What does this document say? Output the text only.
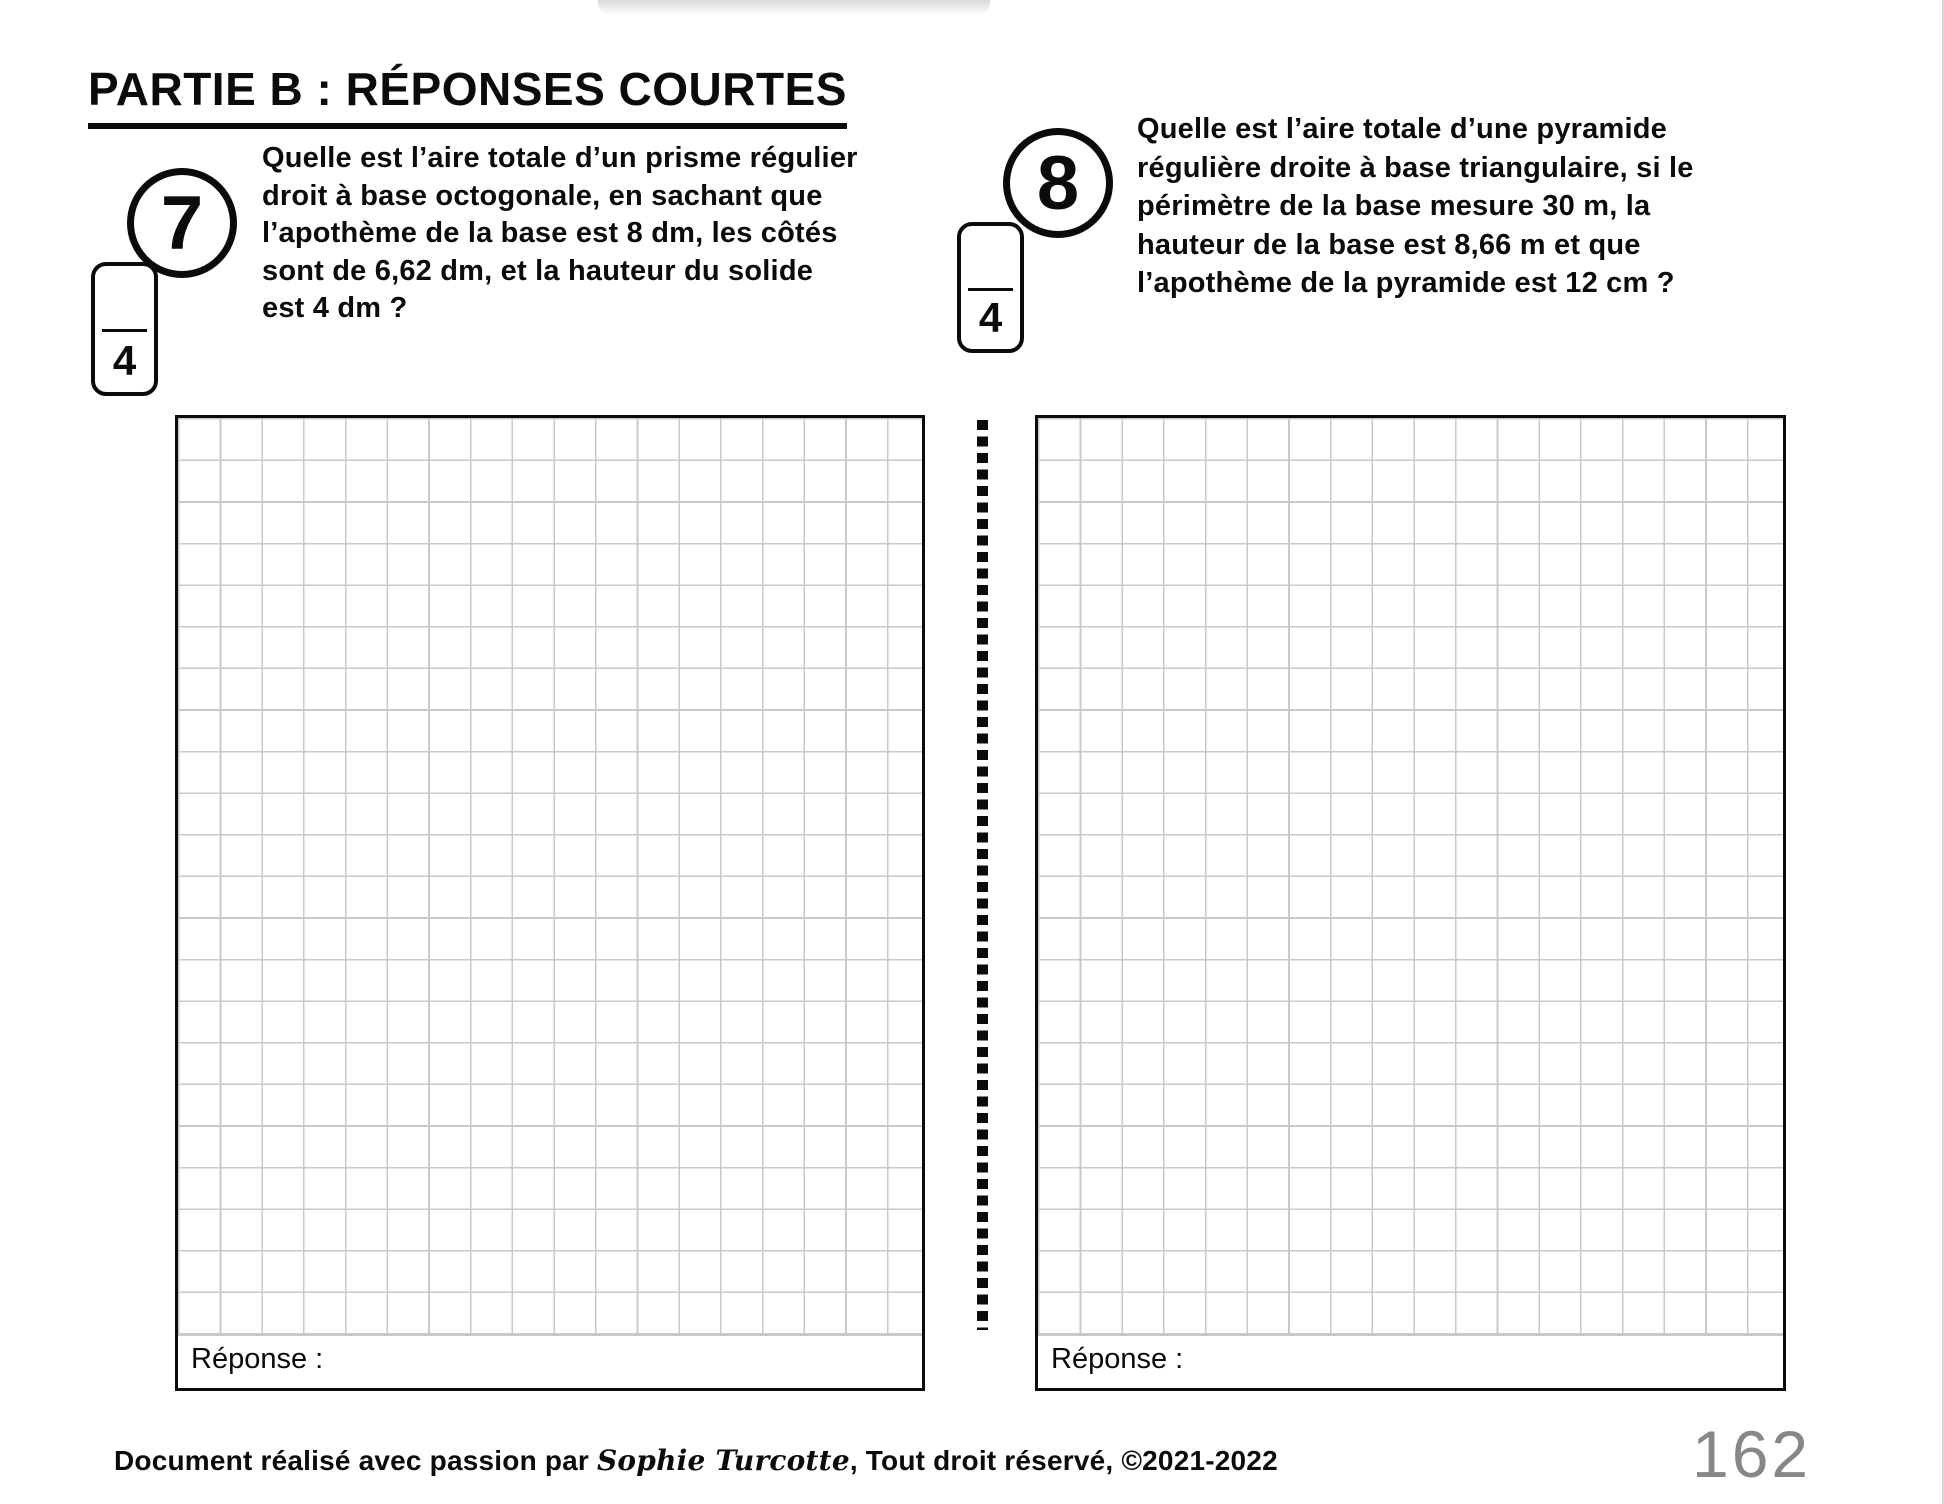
PARTIE B : RÉPONSES COURTES
7
4
Quelle est l’aire totale d’un prisme régulier
droit à base octogonale, en sachant que
l’apothème de la base est 8 dm, les côtés
sont de 6,62 dm, et la hauteur du solide
est 4 dm ?
8
4
Quelle est l’aire totale d’une pyramide
régulière droite à base triangulaire, si le
périmètre de la base mesure 30 m, la
hauteur de la base est 8,66 m et que
l’apothème de la pyramide est 12 cm ?
Réponse :	Réponse :
Document réalisé avec passion par Sophie Turcotte, Tout droit réservé, ©2021-2022	162
